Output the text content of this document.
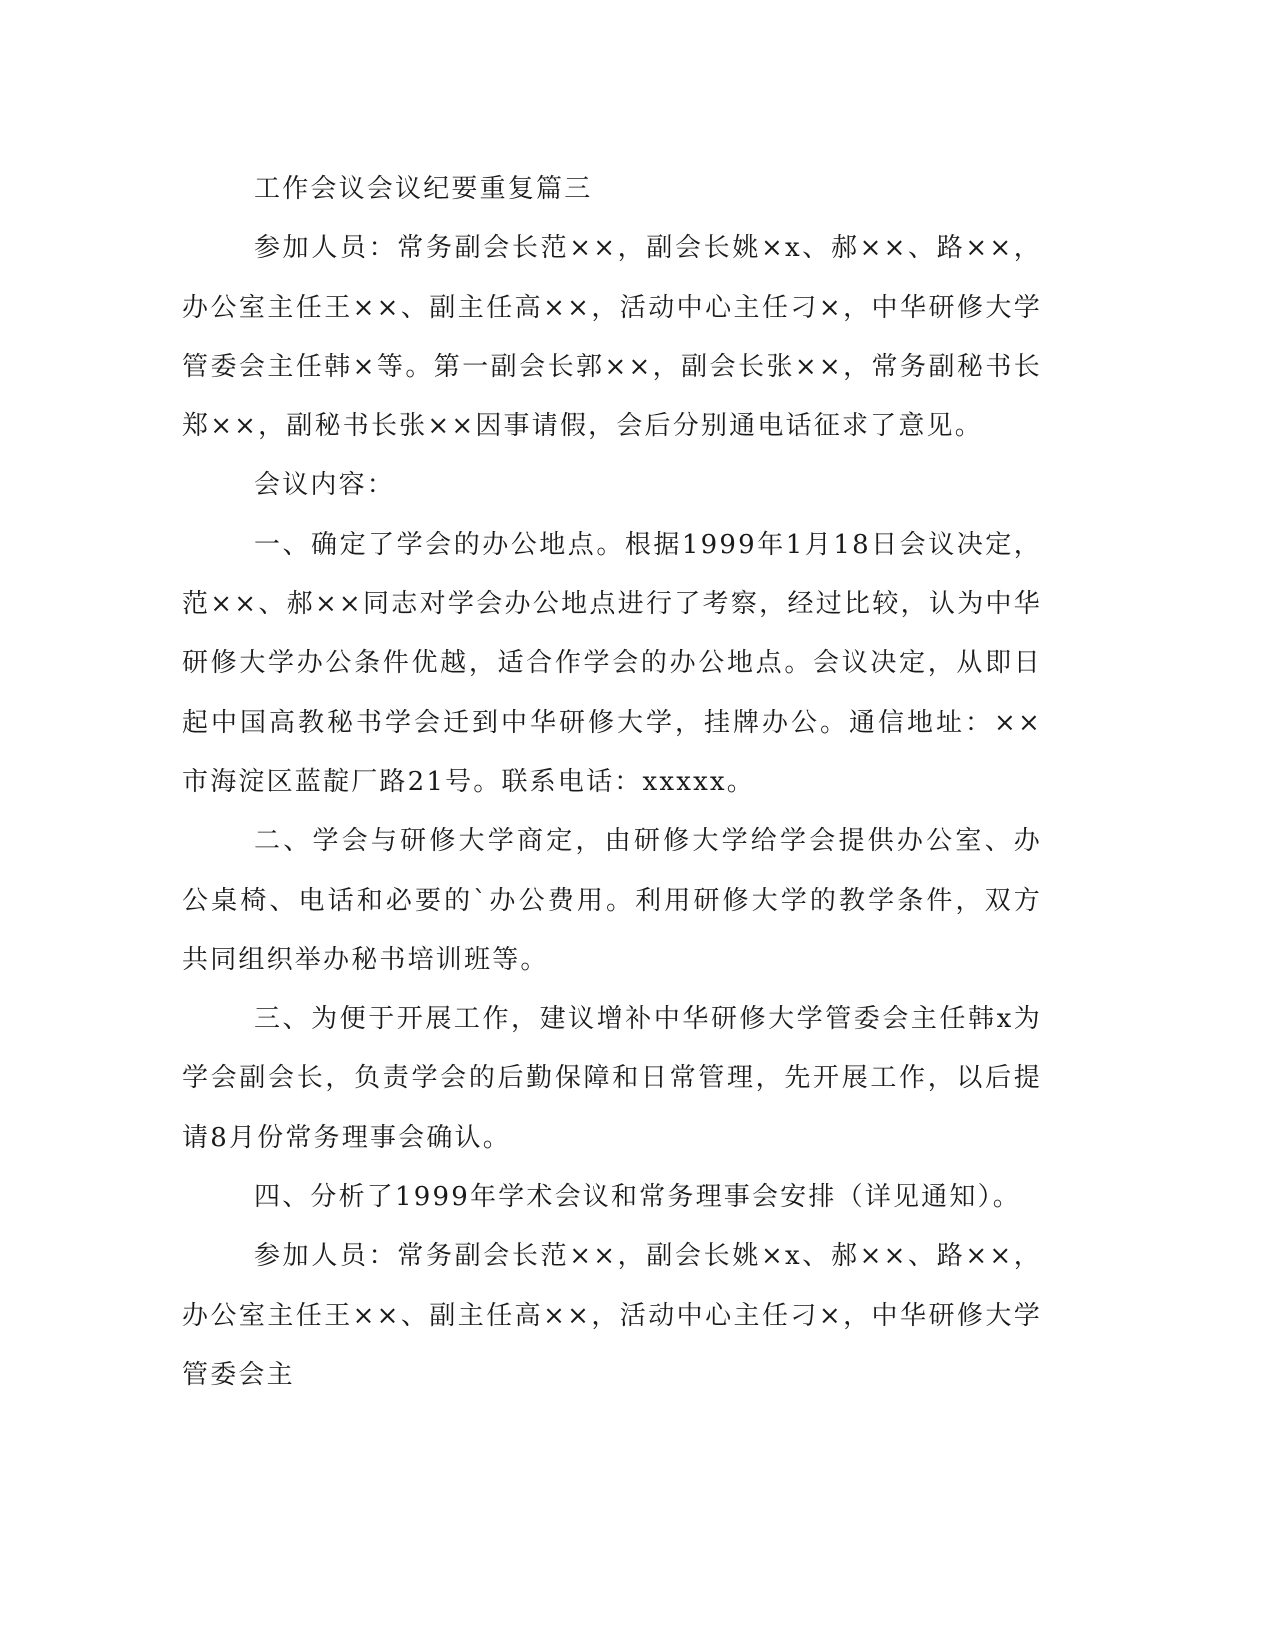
工作会议会议纪要重复篇三

参加人员：常务副会长范××，副会长姚×x、郝××、路××，办公室主任王××、副主任高××，活动中心主任刁×，中华研修大学管委会主任韩×等。第一副会长郭××，副会长张××，常务副秘书长郑××，副秘书长张××因事请假，会后分别通电话征求了意见。

会议内容：

一、确定了学会的办公地点。根据1999年1月18日会议决定，范××、郝××同志对学会办公地点进行了考察，经过比较，认为中华研修大学办公条件优越，适合作学会的办公地点。会议决定，从即日起中国高教秘书学会迁到中华研修大学，挂牌办公。通信地址：××市海淀区蓝靛厂路21号。联系电话：xxxxx。

二、学会与研修大学商定，由研修大学给学会提供办公室、办公桌椅、电话和必要的`办公费用。利用研修大学的教学条件，双方共同组织举办秘书培训班等。

三、为便于开展工作，建议增补中华研修大学管委会主任韩x为学会副会长，负责学会的后勤保障和日常管理，先开展工作，以后提请8月份常务理事会确认。

四、分析了1999年学术会议和常务理事会安排（详见通知）。

参加人员：常务副会长范××，副会长姚×x、郝××、路××，办公室主任王××、副主任高××，活动中心主任刁×，中华研修大学管委会主
